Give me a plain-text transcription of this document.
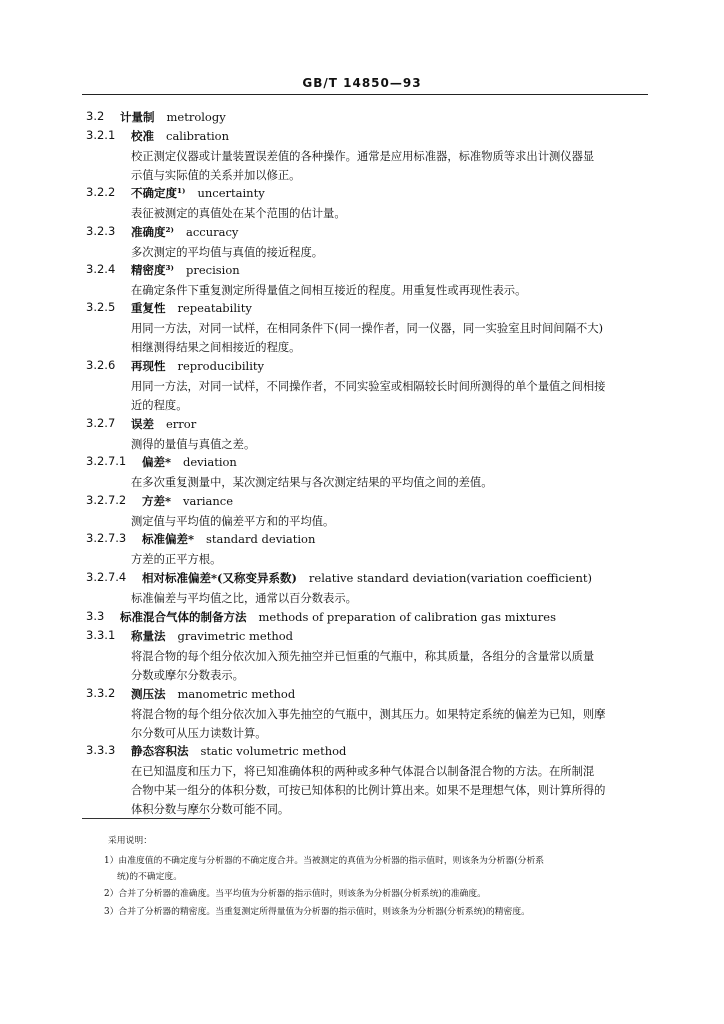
GB/T 14850—93
3.2 计量制 metrology
3.2.1 校准 calibration
校正测定仪器或计量装置误差值的各种操作。通常是应用标准器，标准物质等求出计测仪器显
示值与实际值的关系并加以修正。
3.2.2 不确定度¹⁾ uncertainty
表征被测定的真值处在某个范围的估计量。
3.2.3 准确度²⁾ accuracy
多次测定的平均值与真值的接近程度。
3.2.4 精密度³⁾ precision
在确定条件下重复测定所得量值之间相互接近的程度。用重复性或再现性表示。
3.2.5 重复性 repeatability
用同一方法，对同一试样，在相同条件下(同一操作者，同一仪器，同一实验室且时间间隔不大)
相继测得结果之间相接近的程度。
3.2.6 再现性 reproducibility
用同一方法，对同一试样，不同操作者，不同实验室或相隔较长时间所测得的单个量值之间相接
近的程度。
3.2.7 误差 error
测得的量值与真值之差。
3.2.7.1 偏差* deviation
在多次重复测量中，某次测定结果与各次测定结果的平均值之间的差值。
3.2.7.2 方差* variance
测定值与平均值的偏差平方和的平均值。
3.2.7.3 标准偏差* standard deviation
方差的正平方根。
3.2.7.4 相对标准偏差*(又称变异系数) relative standard deviation(variation coefficient)
标准偏差与平均值之比，通常以百分数表示。
3.3 标准混合气体的制备方法 methods of preparation of calibration gas mixtures
3.3.1 称量法 gravimetric method
将混合物的每个组分依次加入预先抽空并已恒重的气瓶中，称其质量，各组分的含量常以质量
分数或摩尔分数表示。
3.3.2 测压法 manometric method
将混合物的每个组分依次加入事先抽空的气瓶中，测其压力。如果特定系统的偏差为已知，则摩
尔分数可从压力读数计算。
3.3.3 静态容积法 static volumetric method
在已知温度和压力下，将已知准确体积的两种或多种气体混合以制备混合物的方法。在所制混
合物中某一组分的体积分数，可按已知体积的比例计算出来。如果不是理想气体，则计算所得的
体积分数与摩尔分数可能不同。
采用说明：
1）由准度值的不确定度与分析器的不确定度合并。当被测定的真值为分析器的指示值时，则该条为分析器(分析系
统)的不确定度。
2）合并了分析器的准确度。当平均值为分析器的指示值时，则该条为分析器(分析系统)的准确度。
3）合并了分析器的精密度。当重复测定所得量值为分析器的指示值时，则该条为分析器(分析系统)的精密度。
